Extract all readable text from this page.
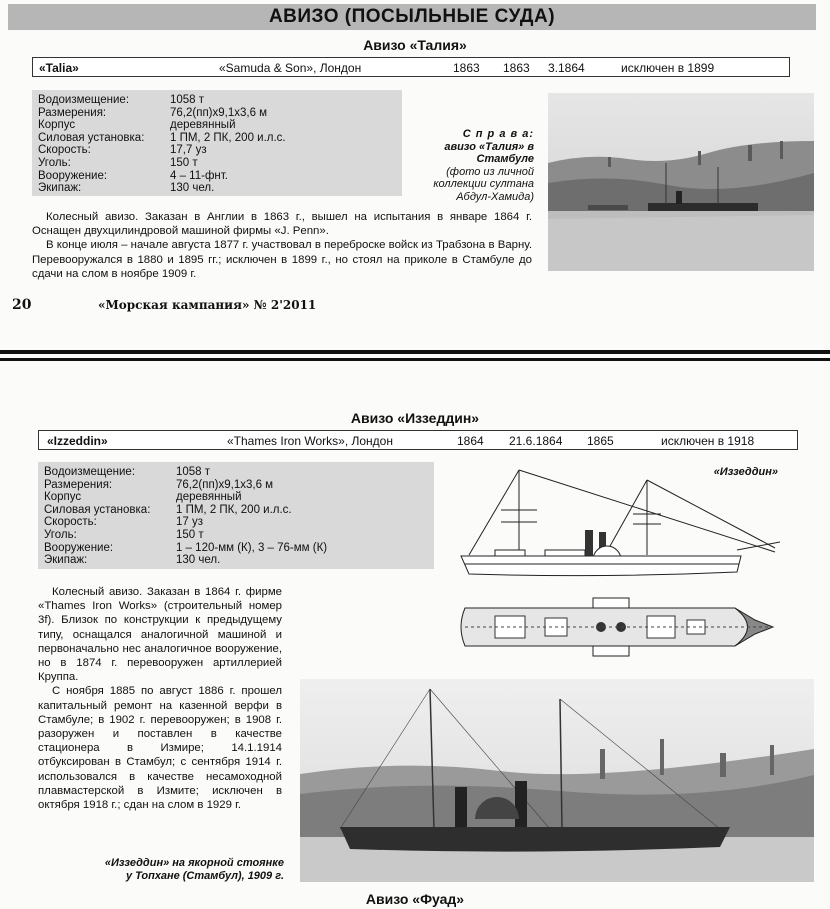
АВИЗО (ПОСЫЛЬНЫЕ СУДА)
Авизо «Талия»
«Talia»	«Samuda & Son», Лондон	1863 1863 3.1864	исключен в 1899
Водоизмещение:	1058 т
Размерения:	76,2(пп)х9,1х3,6 м
Корпус	деревянный
Силовая установка: 1 ПМ, 2 ПК, 200 и.л.с.
Скорость:	17,7 уз
Уголь:	150 т
Вооружение:	4 – 11-фнт.
Экипаж:	130 чел.
С п р а в а:
авизо «Талия» в
Стамбуле
(фото из личной
коллекции султана
Абдул-Хамида)

Колесный авизо. Заказан в Англии в 1863 г., вышел на испытания в январе 1864 г. Оснащен двухцилиндровой машиной фирмы «J. Penn».

В конце июля – начале августа 1877 г. участвовал в переброске войск из Трабзона в Варну. Перевооружался в 1880 и 1895 гг.; исключен в 1899 г., но стоял на приколе в Стамбуле до сдачи на слом в ноябре 1909 г.

20	«Морская кампания» № 2'2011
Авизо «Иззеддин»
«Izzeddin»	«Thames Iron Works», Лондон	1864 21.6.1864 1865	исключен в 1918
Водоизмещение:	1058 т
Размерения:	76,2(пп)х9,1х3,6 м
Корпус	деревянный
Силовая установка: 1 ПМ, 2 ПК, 200 и.л.с.
Скорость:	17 уз
Уголь:	150 т
Вооружение:	1 – 120-мм (К), 3 – 76-мм (К)
Экипаж:	130 чел.
«Иззеддин»

Колесный авизо. Заказан в 1864 г. фирме «Thames Iron Works» (строительный номер 3f). Близок по конструкции к предыдущему типу, оснащался аналогичной машиной и первоначально нес аналогичное вооружение, но в 1874 г. перевооружен артиллерией Круппа.

С ноября 1885 по август 1886 г. прошел капитальный ремонт на казенной верфи в Стамбуле; в 1902 г. перевооружен; в 1908 г. разоружен и поставлен в качестве стационера в Измире; 14.1.1914 отбуксирован в Стамбул; с сентября 1914 г. использовался в качестве несамоходной плавмастерской в Измите; исключен в октября 1918 г.; сдан на слом в 1929 г.

«Иззеддин» на якорной стоянке
у Топхане (Стамбул), 1909 г.
Авизо «Фуад»
